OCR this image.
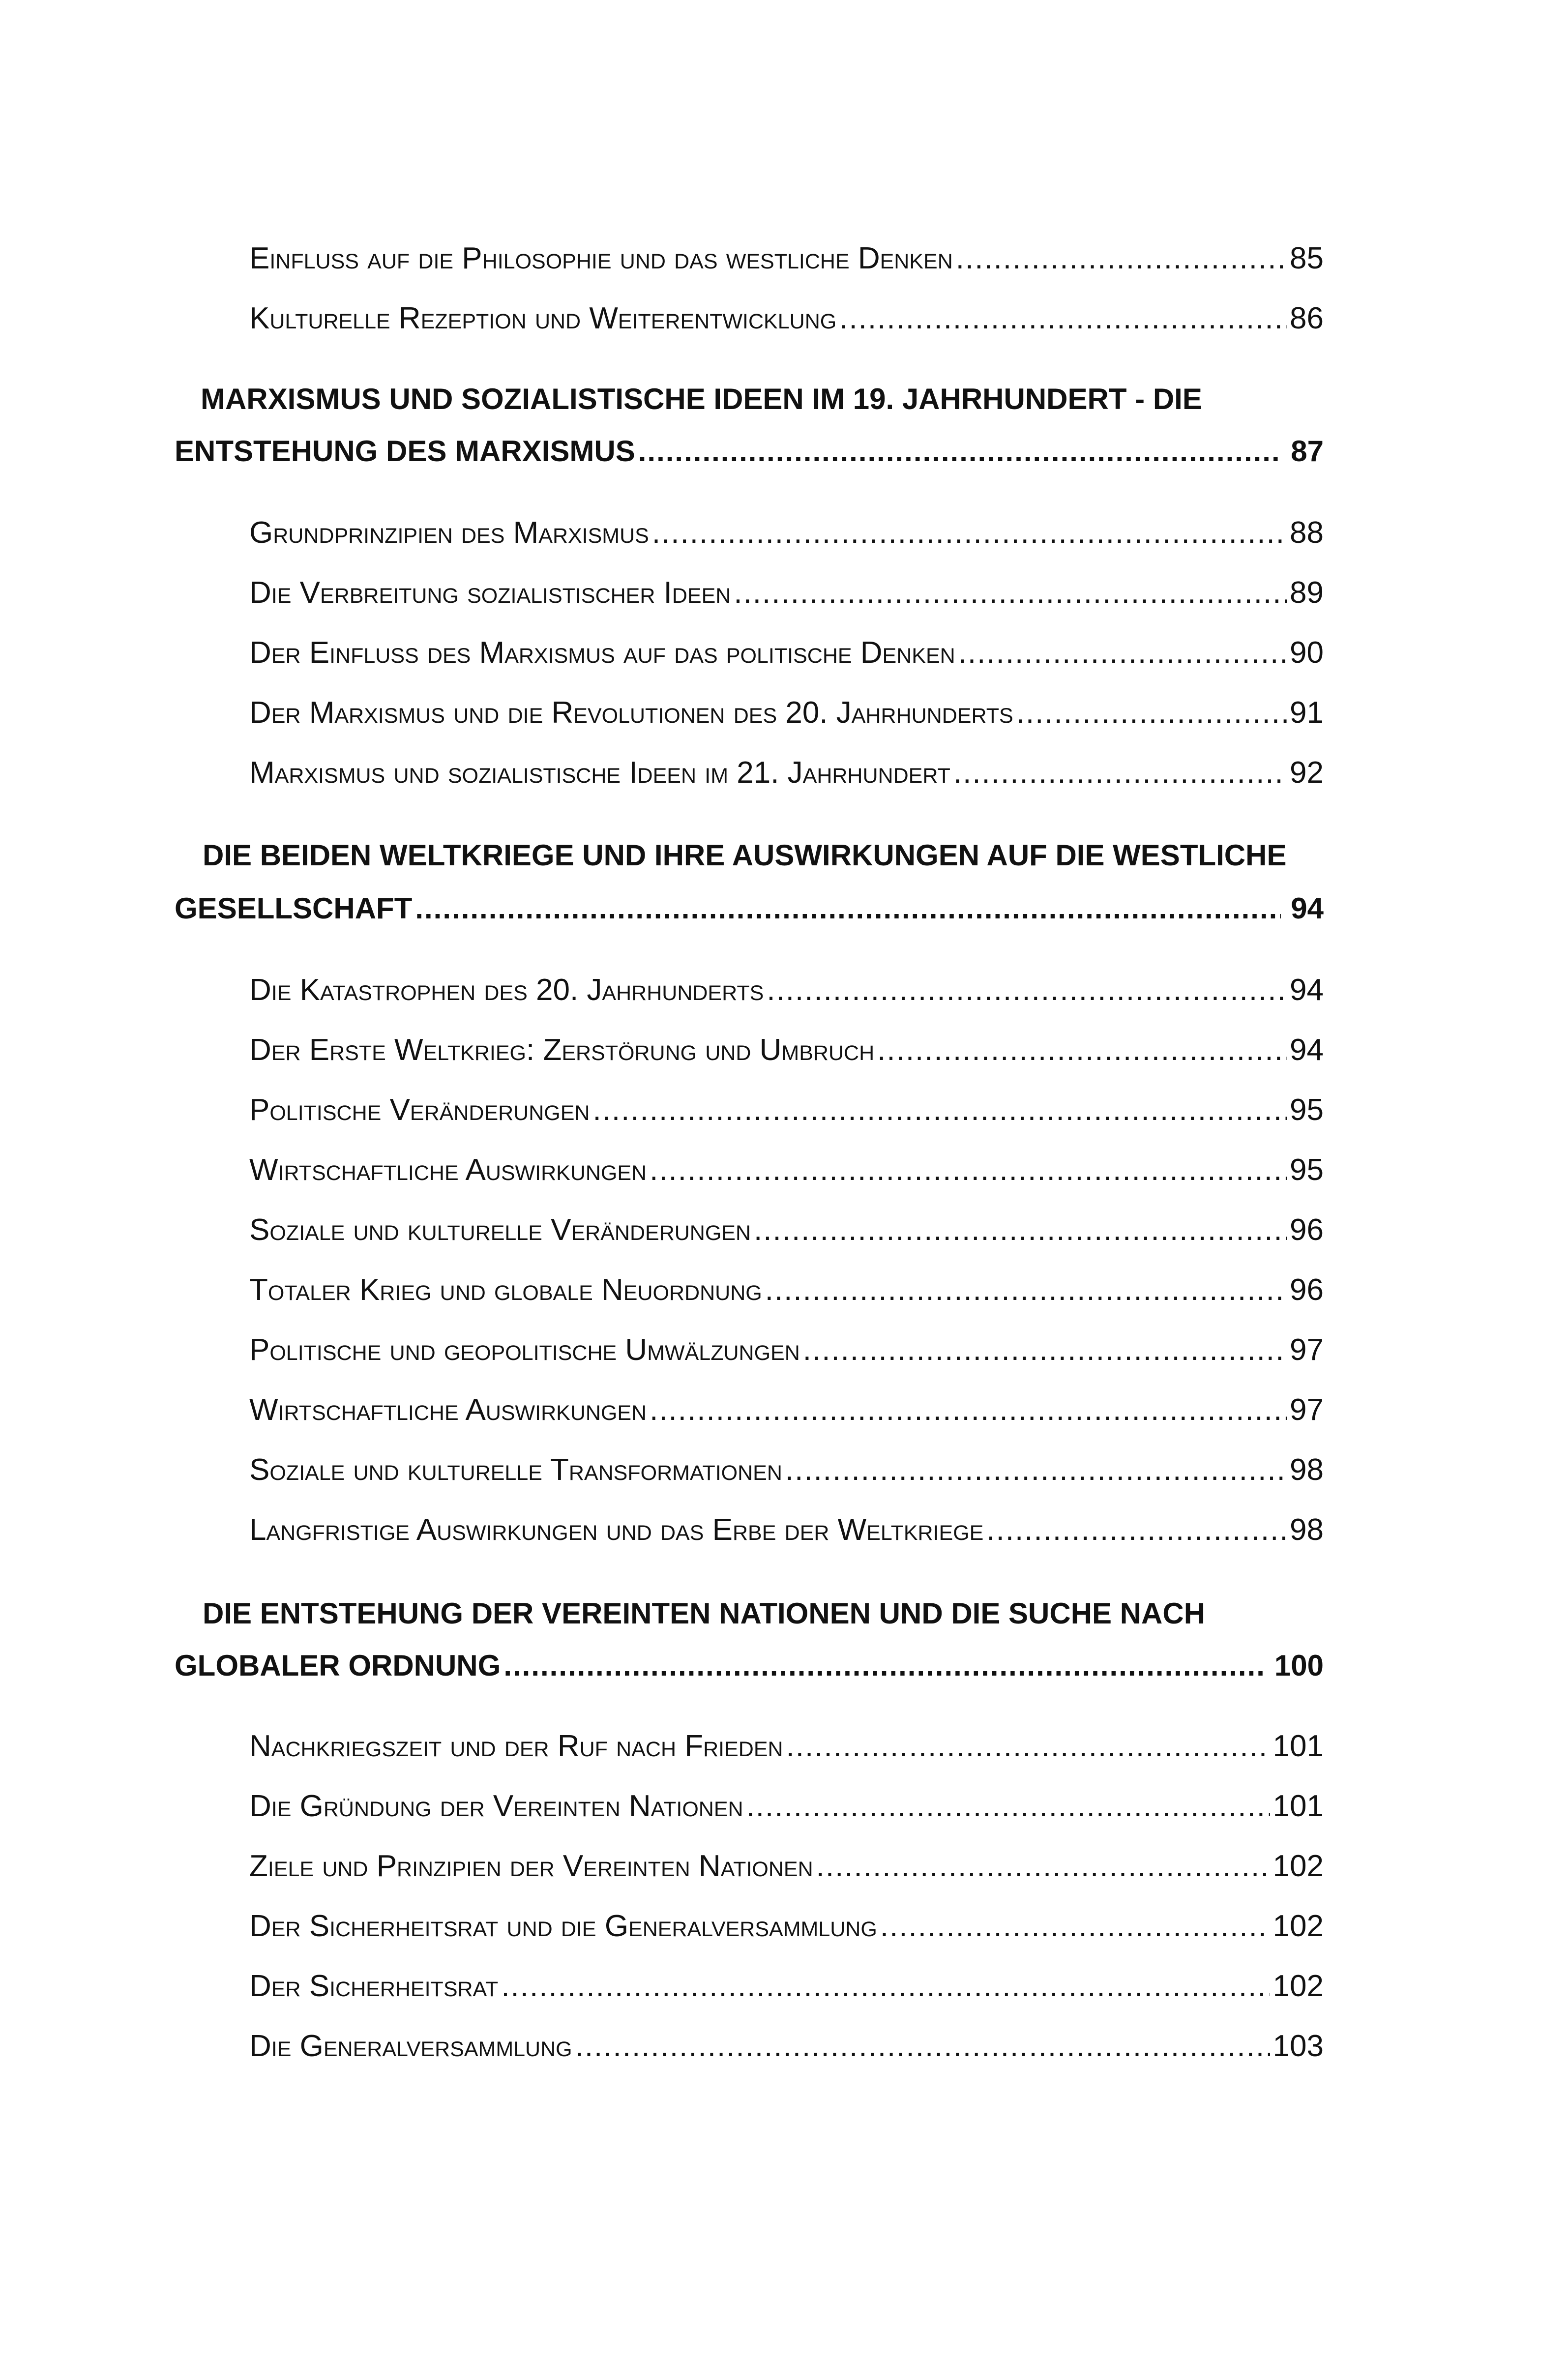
Einfluss auf die Philosophie und das westliche Denken .....	85
Kulturelle Rezeption und Weiterentwicklung .....	86
MARXISMUS UND SOZIALISTISCHE IDEEN IM 19. JAHRHUNDERT - DIE
ENTSTEHUNG DES MARXISMUS .....	87
Grundprinzipien des Marxismus .....	88
Die Verbreitung sozialistischer Ideen .....	89
Der Einfluss des Marxismus auf das politische Denken .....	90
Der Marxismus und die Revolutionen des 20. Jahrhunderts .....	91
Marxismus und sozialistische Ideen im 21. Jahrhundert .....	92
DIE BEIDEN WELTKRIEGE UND IHRE AUSWIRKUNGEN AUF DIE WESTLICHE
GESELLSCHAFT .....	94
Die Katastrophen des 20. Jahrhunderts .....	94
Der Erste Weltkrieg: Zerstörung und Umbruch .....	94
Politische Veränderungen .....	95
Wirtschaftliche Auswirkungen .....	95
Soziale und kulturelle Veränderungen .....	96
Totaler Krieg und globale Neuordnung .....	96
Politische und geopolitische Umwälzungen .....	97
Wirtschaftliche Auswirkungen .....	97
Soziale und kulturelle Transformationen .....	98
Langfristige Auswirkungen und das Erbe der Weltkriege .....	98
DIE ENTSTEHUNG DER VEREINTEN NATIONEN UND DIE SUCHE NACH
GLOBALER ORDNUNG .....	100
Nachkriegszeit und der Ruf nach Frieden .....	101
Die Gründung der Vereinten Nationen .....	101
Ziele und Prinzipien der Vereinten Nationen .....	102
Der Sicherheitsrat und die Generalversammlung .....	102
Der Sicherheitsrat .....	102
Die Generalversammlung .....	103
